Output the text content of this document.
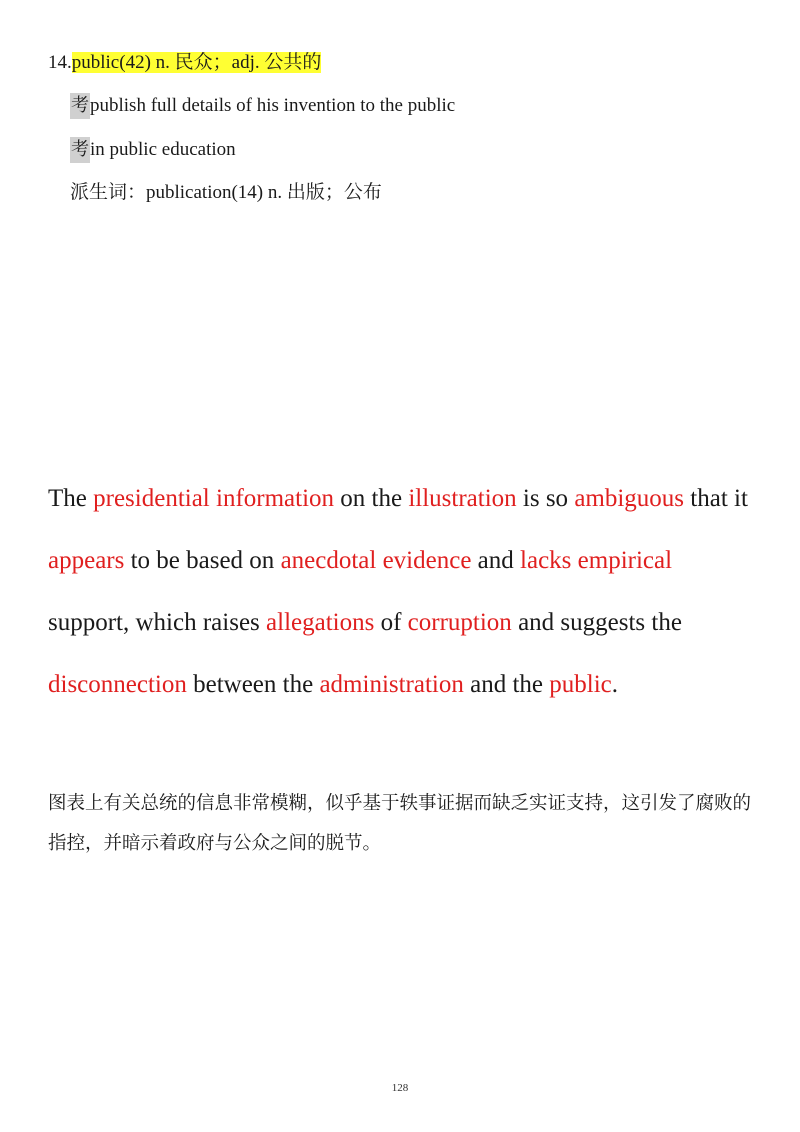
14.public(42) n. 民众；adj. 公共的
考publish full details of his invention to the public
考in public education
派生词：publication(14) n. 出版；公布

The presidential information on the illustration is so ambiguous that it appears to be based on anecdotal evidence and lacks empirical support, which raises allegations of corruption and suggests the disconnection between the administration and the public.

图表上有关总统的信息非常模糊，似乎基于轶事证据而缺乏实证支持，这引发了腐败的指控，并暗示着政府与公众之间的脱节。

128
